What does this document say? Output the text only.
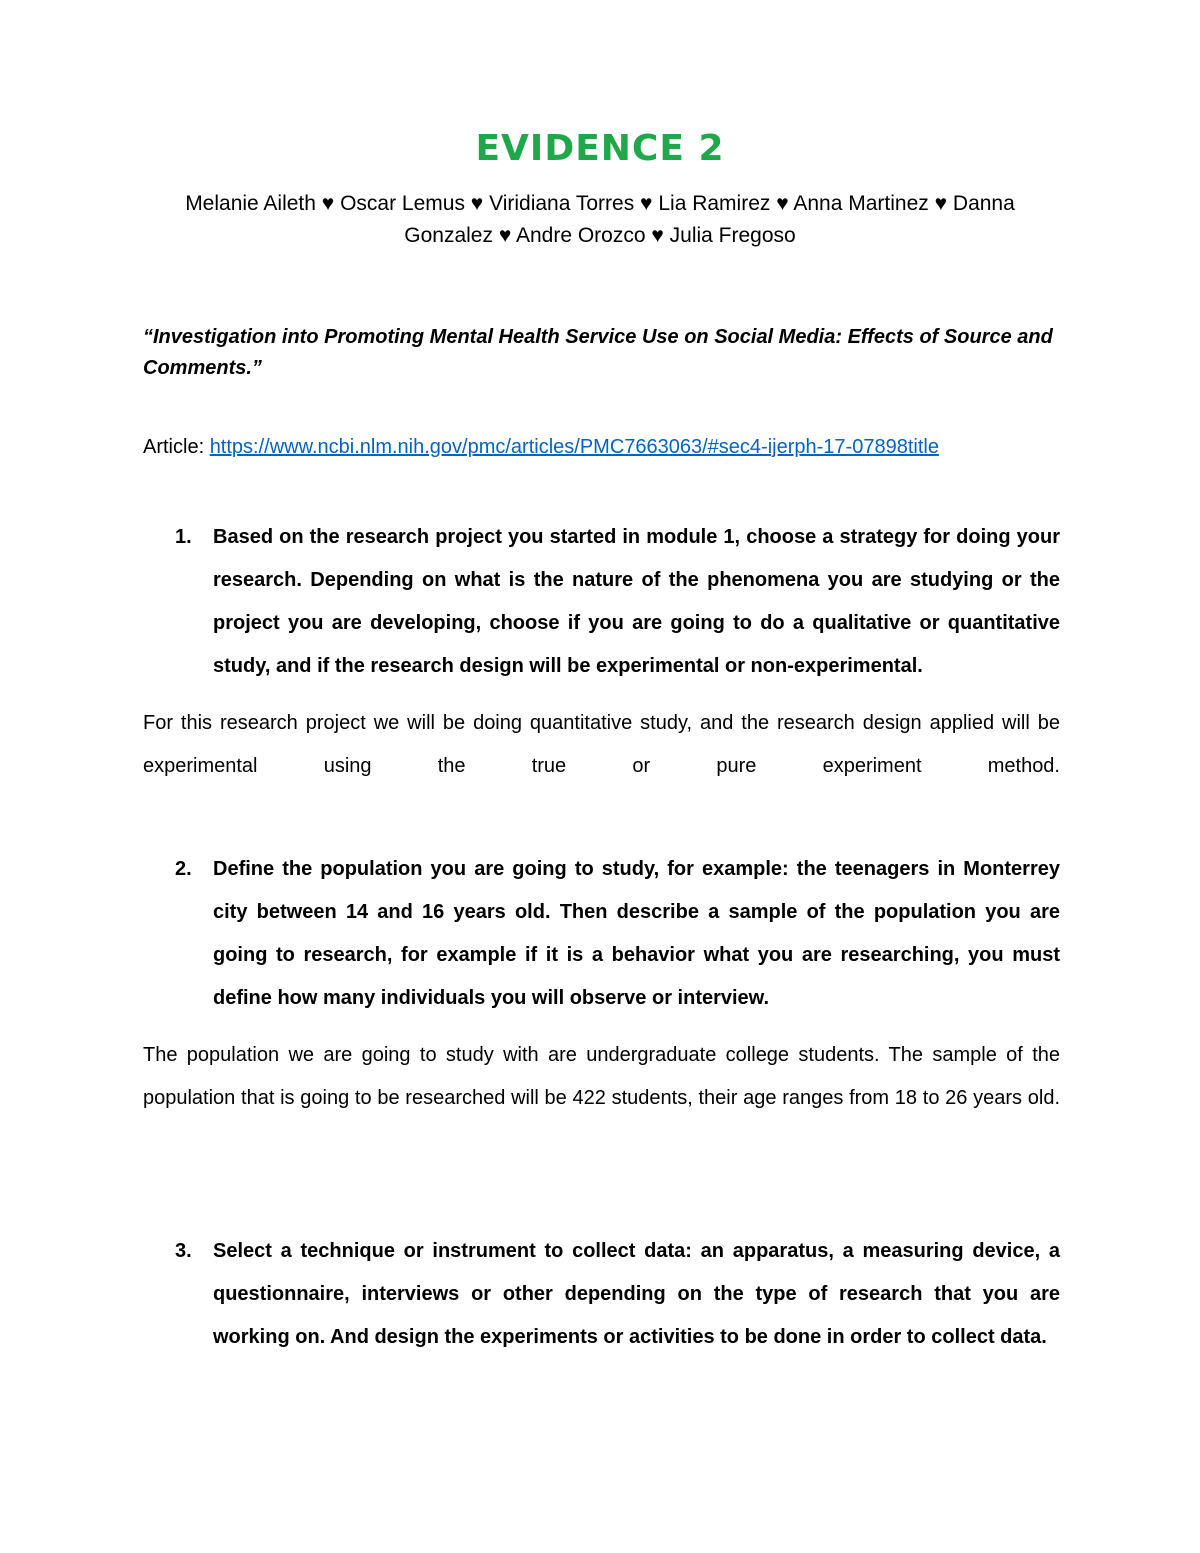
EVIDENCE 2
Melanie Aileth ♥ Oscar Lemus ♥ Viridiana Torres ♥ Lia Ramirez ♥ Anna Martinez ♥ Danna
Gonzalez ♥ Andre Orozco ♥ Julia Fregoso
“Investigation into Promoting Mental Health Service Use on Social Media: Effects of Source and Comments.”
Article: https://www.ncbi.nlm.nih.gov/pmc/articles/PMC7663063/#sec4-ijerph-17-07898title
1. Based on the research project you started in module 1, choose a strategy for doing your research. Depending on what is the nature of the phenomena you are studying or the project you are developing, choose if you are going to do a qualitative or quantitative study, and if the research design will be experimental or non-experimental.
For this research project we will be doing quantitative study, and the research design applied will be experimental using the true or pure experiment method.
2. Define the population you are going to study, for example: the teenagers in Monterrey city between 14 and 16 years old. Then describe a sample of the population you are going to research, for example if it is a behavior what you are researching, you must define how many individuals you will observe or interview.
The population we are going to study with are undergraduate college students. The sample of the population that is going to be researched will be 422 students, their age ranges from 18 to 26 years old.
3. Select a technique or instrument to collect data: an apparatus, a measuring device, a questionnaire, interviews or other depending on the type of research that you are working on. And design the experiments or activities to be done in order to collect data.
